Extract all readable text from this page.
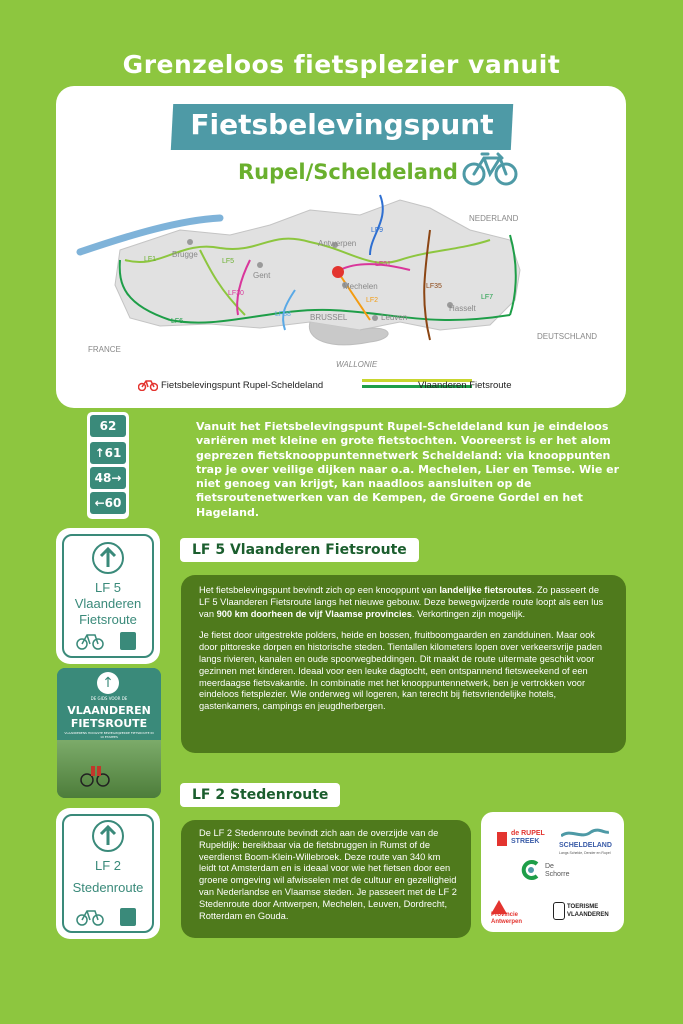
Grenzeloos fietsplezier vanuit
Fietsbelevingspunt
Rupel/Scheldeland
NEDERLAND
FRANCE
DEUTSCHLAND
WALLONIE
Brugge
Gent
Antwerpen
Mechelen
BRUSSEL	Leuven
Hasselt
LF1	LF5
LF9
LF51
LF30
LF2
LF35
LF7
LF38
LF6
Fietsbelevingspunt Rupel-Scheldeland	Vlaanderen Fietsroute
62
↑61
48→
←60
Vanuit het Fietsbelevingspunt Rupel-Scheldeland kun je eindeloos variëren met kleine en grote fietstochten. Vooreerst is er het alom geprezen fietsknooppuntennetwerk Scheldeland: via knooppunten trap je over veilige dijken naar o.a. Mechelen, Lier en Temse. Wie er niet genoeg van krijgt, kan naadloos aansluiten op de fietsroutenetwerken van de Kempen, de Groene Gordel en het Hageland.
LF 5
Vlaanderen
Fietsroute
LF 5 Vlaanderen Fietsroute

Het fietsbelevingspunt bevindt zich op een knooppunt van landelijke fietsroutes. Zo passeert de LF 5 Vlaanderen Fietsroute langs het nieuwe gebouw. Deze bewegwijzerde route loopt als een lus van 900 km doorheen de vijf Vlaamse provincies. Verkortingen zijn mogelijk.

Je fietst door uitgestrekte polders, heide en bossen, fruitboomgaarden en zandduinen. Maar ook door pittoreske dorpen en historische steden. Tientallen kilometers lopen over verkeersvrije paden langs rivieren, kanalen en oude spoorwegbeddingen. Dit maakt de route uitermate geschikt voor gezinnen met kinderen. Ideaal voor een leuke dagtocht, een ontspannend fietsweekend of een meerdaagse fietsvakantie. In combinatie met het knooppuntennetwerk, ben je vertrokken voor eindeloos fietsplezier. Wie onderweg wil logeren, kan terecht bij fietsvriendelijke hotels, gastenkamers, campings en jeugdherbergen.

↑
DE GIDS VOOR DE
VLAANDEREN
FIETSROUTE
VLAANDERENS HOOGSTE BEWEGWIJZERDE FIETSROUTE IN 10 ETAPPES
LF 2 Stedenroute
LF 2
Stedenroute
De LF 2 Stedenroute bevindt zich aan de overzijde van de Rupeldijk: bereikbaar via de fietsbruggen in Rumst of de veerdienst Boom-Klein-Willebroek. Deze route van 340 km leidt tot Amsterdam en is ideaal voor wie het fietsen door een groene omgeving wil afwisselen met de cultuur en gezelligheid van Nederlandse en Vlaamse steden. Je passeert met de LF 2 Stedenroute door Antwerpen, Mechelen, Leuven, Dordrecht, Rotterdam en Gouda.
de RUPEL
STREEK
SCHELDELAND
Langs Schelde, Dender en Rupel
De
Schorre
Provincie
Antwerpen
TOERISME
VLAANDEREN
